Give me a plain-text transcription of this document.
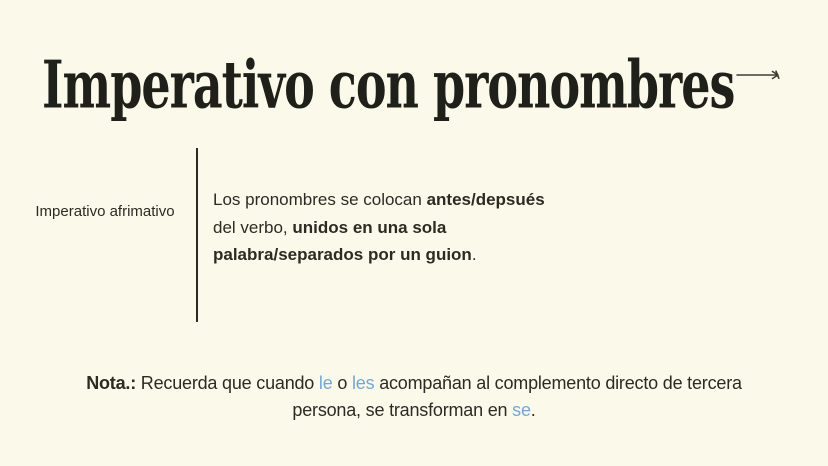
Imperativo con pronombres
Imperativo afrimativo
Los pronombres se colocan antes/depsués
del verbo, unidos en una sola
palabra/separados por un guion.
Nota.: Recuerda que cuando le o les acompañan al complemento directo de tercera
persona, se transforman en se.
